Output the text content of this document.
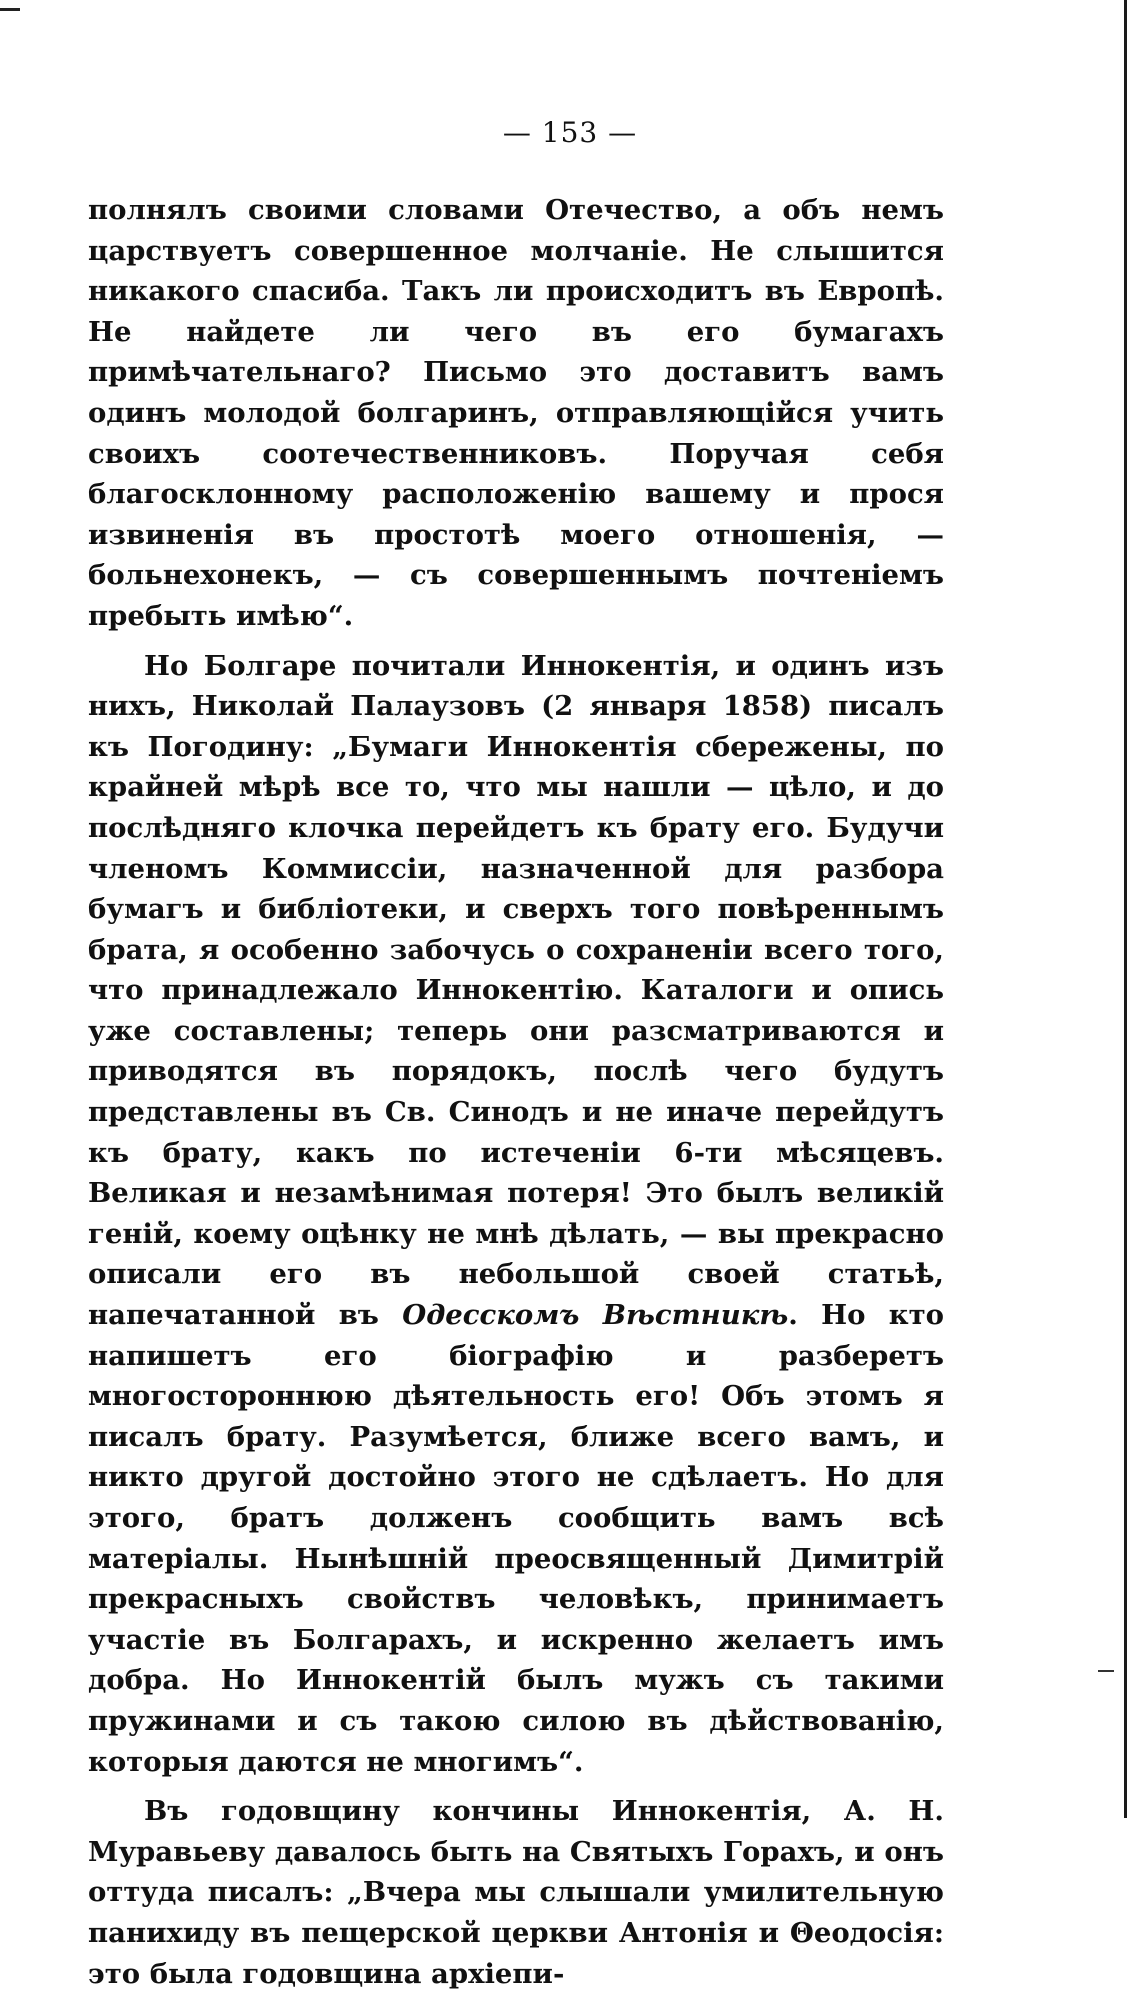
— 153 —

полнялъ своими словами Отечество, а объ немъ царствуетъ совершенное молчаніе. Не слышится никакого спасиба. Такъ ли происходитъ въ Европѣ. Не найдете ли чего въ его бумагахъ примѣчательнаго? Письмо это доставитъ вамъ одинъ молодой болгаринъ, отправляющійся учить своихъ соотечественниковъ. Поручая себя благосклонному расположенію вашему и прося извиненія въ простотѣ моего отношенія, — больнехонекъ, — съ совершеннымъ почтеніемъ пребыть имѣю“.

Но Болгаре почитали Иннокентія, и одинъ изъ нихъ, Николай Палаузовъ (2 января 1858) писалъ къ Погодину: „Бумаги Иннокентія сбережены, по крайней мѣрѣ все то, что мы нашли — цѣло, и до послѣдняго клочка перейдетъ къ брату его. Будучи членомъ Коммиссіи, назначенной для разбора бумагъ и библіотеки, и сверхъ того повѣреннымъ брата, я особенно забочусь о сохраненіи всего того, что принадлежало Иннокентію. Каталоги и опись уже составлены; теперь они разсматриваются и приводятся въ порядокъ, послѣ чего будутъ представлены въ Св. Синодъ и не иначе перейдутъ къ брату, какъ по истеченіи 6-ти мѣсяцевъ. Великая и незамѣнимая потеря! Это былъ великій геній, коему оцѣнку не мнѣ дѣлать, — вы прекрасно описали его въ небольшой своей статьѣ, напечатанной въ Одесскомъ Вѣстникѣ. Но кто напишетъ его біографію и разберетъ многостороннюю дѣятельность его! Объ этомъ я писалъ брату. Разумѣется, ближе всего вамъ, и никто другой достойно этого не сдѣлаетъ. Но для этого, братъ долженъ сообщить вамъ всѣ матеріалы. Нынѣшній преосвященный Димитрій прекрасныхъ свойствъ человѣкъ, принимаетъ участіе въ Болгарахъ, и искренно желаетъ имъ добра. Но Иннокентій былъ мужъ съ такими пружинами и съ такою силою въ дѣйствованію, которыя даются не многимъ“.

Въ годовщину кончины Иннокентія, А. Н. Муравьеву давалось быть на Святыхъ Горахъ, и онъ оттуда писалъ: „Вчера мы слышали умилительную панихиду въ пещерской церкви Антонія и Θеодосія: это была годовщина архіепи-
